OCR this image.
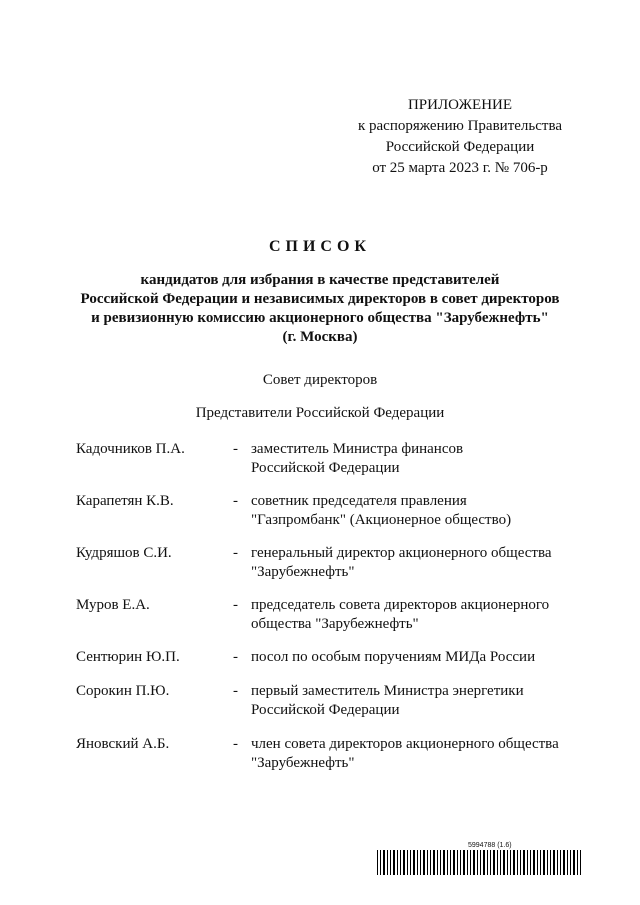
ПРИЛОЖЕНИЕ
к распоряжению Правительства
Российской Федерации
от 25 марта 2023 г. № 706-р
СПИСОК
кандидатов для избрания в качестве представителей
Российской Федерации и независимых директоров в совет директоров
и ревизионную комиссию акционерного общества "Зарубежнефть"
(г. Москва)
Совет директоров
Представители Российской Федерации
Кадочников П.А.	- заместитель Министра финансов
Российской Федерации
Карапетян К.В.	- советник председателя правления
"Газпромбанк" (Акционерное общество)
Кудряшов С.И.	- генеральный директор акционерного общества
"Зарубежнефть"
Муров Е.А.	- председатель совета директоров акционерного
общества "Зарубежнефть"
Сентюрин Ю.П.	- посол по особым поручениям МИДа России
Сорокин П.Ю.	- первый заместитель Министра энергетики
Российской Федерации
Яновский А.Б.	- член совета директоров акционерного общества
"Зарубежнефть"
5994788 (1.6)
